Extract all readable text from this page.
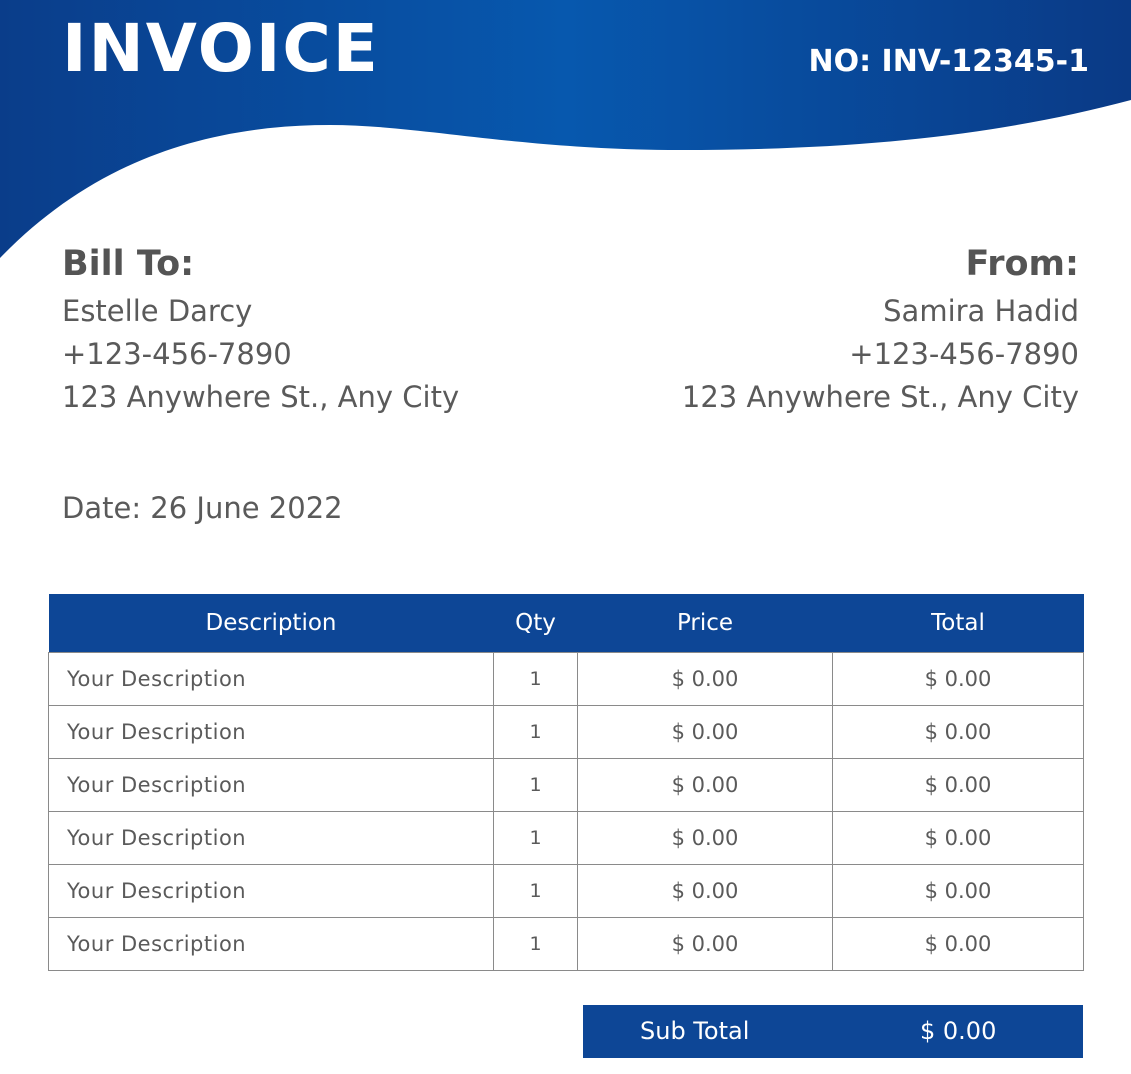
INVOICE	NO: INV-12345-1
Bill To:
Estelle Darcy
+123-456-7890
123 Anywhere St., Any City
From:
Samira Hadid
+123-456-7890
123 Anywhere St., Any City
Date: 26 June 2022
Description	Qty	Price	Total
Your Description	1	$ 0.00	$ 0.00
Your Description	1	$ 0.00	$ 0.00
Your Description	1	$ 0.00	$ 0.00
Your Description	1	$ 0.00	$ 0.00
Your Description	1	$ 0.00	$ 0.00
Your Description	1	$ 0.00	$ 0.00
Sub Total	$ 0.00
